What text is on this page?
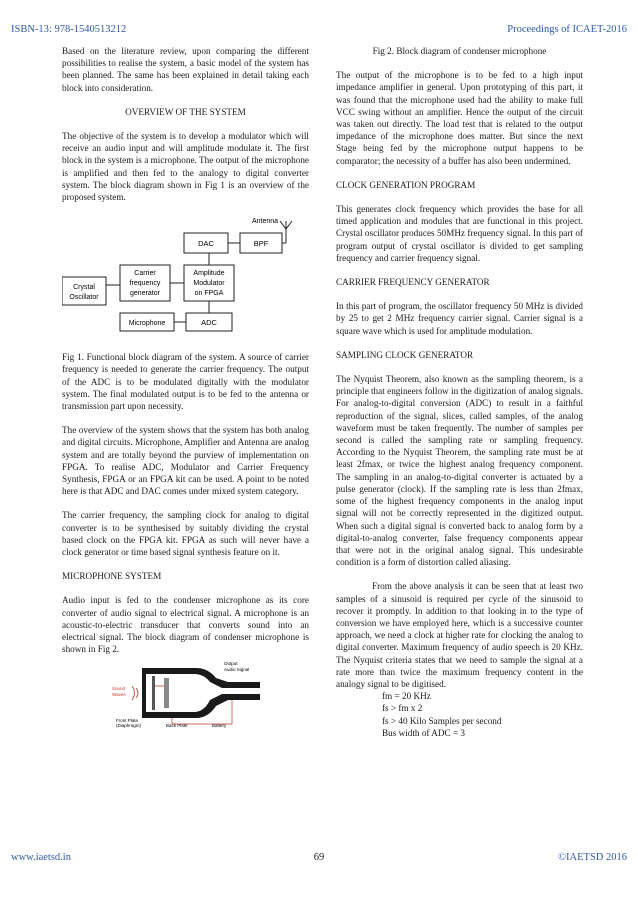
ISBN-13: 978-1540513212	Proceedings of ICAET-2016

Based on the literature review, upon comparing the different possibilities to realise the system, a basic model of the system has been planned. The same has been explained in detail taking each block into consideration.

OVERVIEW OF THE SYSTEM

The objective of the system is to develop a modulator which will receive an audio input and will amplitude modulate it. The first block in the system is a microphone. The output of the microphone is amplified and then fed to the analogy to digital converter system. The block diagram shown in Fig 1 is an overview of the proposed system.

Antenna
DAC	BPF
Crystal
Oscillator
Carrier
frequency
generator
Amplitude
Modulator
on FPGA
Microphone	ADC

Fig 1. Functional block diagram of the system. A source of carrier frequency is needed to generate the carrier frequency. The output of the ADC is to be modulated digitally with the modulator system. The final modulated output is to be fed to the antenna or transmission part upon necessity.

The overview of the system shows that the system has both analog and digital circuits. Microphone, Amplifier and Antenna are analog system and are totally beyond the purview of implementation on FPGA. To realise ADC, Modulator and Carrier Frequency Synthesis, FPGA or an FPGA kit can be used. A point to be noted here is that ADC and DAC comes under mixed system category.

The carrier frequency, the sampling clock for analog to digital converter is to be synthesised by suitably dividing the crystal based clock on the FPGA kit. FPGA as such will never have a clock generator or time based signal synthesis feature on it.

MICROPHONE SYSTEM

Audio input is fed to the condenser microphone as its core converter of audio signal to electrical signal. A microphone is an acoustic-to-electric transducer that converts sound into an electrical signal. The block diagram of condenser microphone is shown in Fig 2.

Output
Audio Signal
Sound
Waves
Front Plate
(Diaphragm)	Back Plate	Battery

Fig 2. Block diagram of condenser microphone

The output of the microphone is to be fed to a high input impedance amplifier in general. Upon prototyping of this part, it was found that the microphone used had the ability to make full VCC swing without an amplifier. Hence the output of the circuit was taken out directly. The load test that is related to the output impedance of the microphone does matter. But since the next Stage being fed by the microphone output happens to be comparator; the necessity of a buffer has also been undermined.

CLOCK GENERATION PROGRAM

This generates clock frequency which provides the base for all timed application and modules that are functional in this project. Crystal oscillator produces 50MHz frequency signal. In this part of program output of crystal oscillator is divided to get sampling frequency and carrier frequency signal.

CARRIER FREQUENCY GENERATOR

In this part of program, the oscillator frequency 50 MHz is divided by 25 to get 2 MHz frequency carrier signal. Carrier signal is a square wave which is used for amplitude modulation.

SAMPLING CLOCK GENERATOR

The Nyquist Theorem, also known as the sampling theorem, is a principle that engineers follow in the digitization of analog signals. For analog-to-digital conversion (ADC) to result in a faithful reproduction of the signal, slices, called samples, of the analog waveform must be taken frequently. The number of samples per second is called the sampling rate or sampling frequency. According to the Nyquist Theorem, the sampling rate must be at least 2fmax, or twice the highest analog frequency component. The sampling in an analog-to-digital converter is actuated by a pulse generator (clock). If the sampling rate is less than 2fmax, some of the highest frequency components in the analog input signal will not be correctly represented in the digitized output. When such a digital signal is converted back to analog form by a digital-to-analog converter, false frequency components appear that were not in the original analog signal. This undesirable condition is a form of distortion called aliasing.

From the above analysis it can be seen that at least two samples of a sinusoid is required per cycle of the sinusoid to recover it promptly. In addition to that looking in to the type of conversion we have employed here, which is a successive counter approach, we need a clock at higher rate for clocking the analog to digital converter. Maximum frequency of audio speech is 20 KHz. The Nyquist criteria states that we need to sample the signal at a rate more than twice the maximum frequency content in the analogy signal to be digitised.

fm = 20 KHz
fs > fm x 2
fs > 40 Kilo Samples per second
Bus width of ADC = 3
www.iaetsd.in	69	©IAETSD 2016
